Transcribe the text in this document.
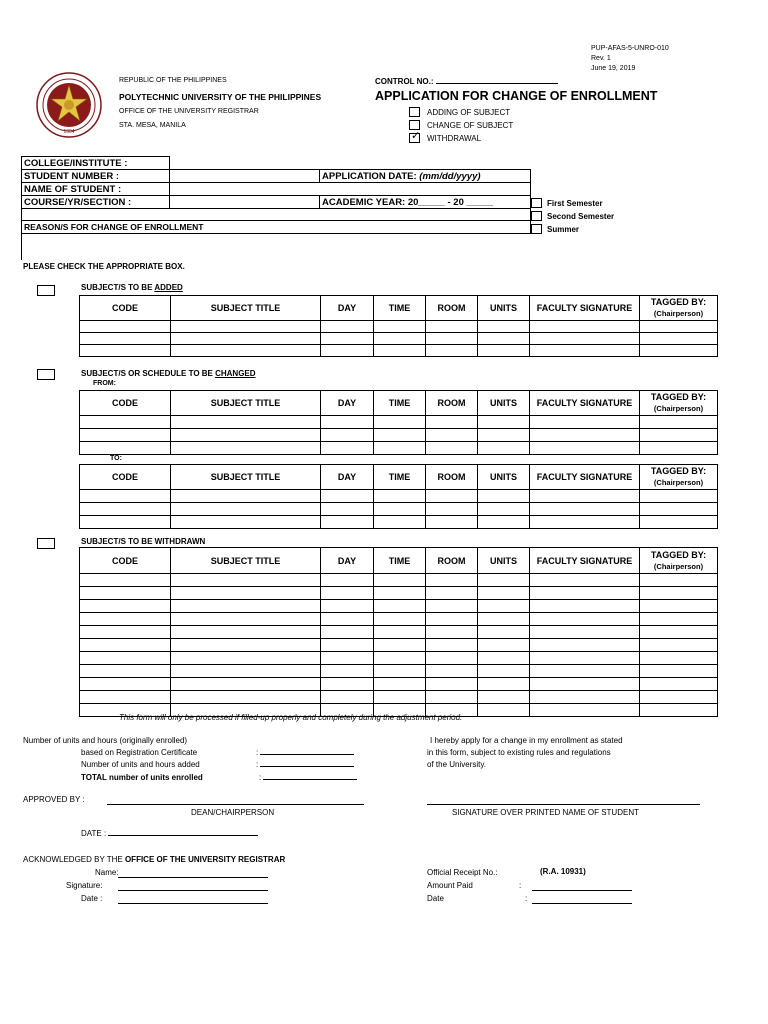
PUP-AFAS-5-UNRO-010
Rev. 1
June 19, 2019
1904
REPUBLIC OF THE PHILIPPINES
POLYTECHNIC UNIVERSITY OF THE PHILIPPINES
OFFICE OF THE UNIVERSITY REGISTRAR
STA. MESA, MANILA
CONTROL NO.:
APPLICATION FOR CHANGE OF ENROLLMENT
ADDING OF SUBJECT
CHANGE OF SUBJECT
✓ WITHDRAWAL
COLLEGE/INSTITUTE :		
STUDENT NUMBER :		APPLICATION DATE: (mm/dd/yyyy)
NAME OF STUDENT :		
COURSE/YR/SECTION :		ACADEMIC YEAR: 20_____ - 20 _____

REASON/S FOR CHANGE OF ENROLLMENT		

First Semester
Second Semester
Summer
PLEASE CHECK THE APPROPRIATE BOX.
SUBJECT/S TO BE ADDED
CODE	SUBJECT TITLE	DAY	TIME	ROOM	UNITS	FACULTY SIGNATURE	TAGGED BY:
(Chairperson)

SUBJECT/S OR SCHEDULE TO BE CHANGED
FROM:
CODE	SUBJECT TITLE	DAY	TIME	ROOM	UNITS	FACULTY SIGNATURE	TAGGED BY:
(Chairperson)

TO:
CODE	SUBJECT TITLE	DAY	TIME	ROOM	UNITS	FACULTY SIGNATURE	TAGGED BY:
(Chairperson)

SUBJECT/S TO BE WITHDRAWN
CODE	SUBJECT TITLE	DAY	TIME	ROOM	UNITS	FACULTY SIGNATURE	TAGGED BY:
(Chairperson)

This form will only be processed if filled-up properly and completely during the adjustment period.
Number of units and hours (originally enrolled)
based on Registration Certificate	:
Number of units and hours added	:
TOTAL number of units enrolled	:
I hereby apply for a change in my enrollment as stated
in this form, subject to existing rules and regulations
of the University.
APPROVED BY :
DEAN/CHAIRPERSON	SIGNATURE OVER PRINTED NAME OF STUDENT
DATE :
ACKNOWLEDGED BY THE OFFICE OF THE UNIVERSITY REGISTRAR
Name:
Signature:
Date :
Official Receipt No.:	(R.A. 10931)
Amount Paid	:
Date	:
